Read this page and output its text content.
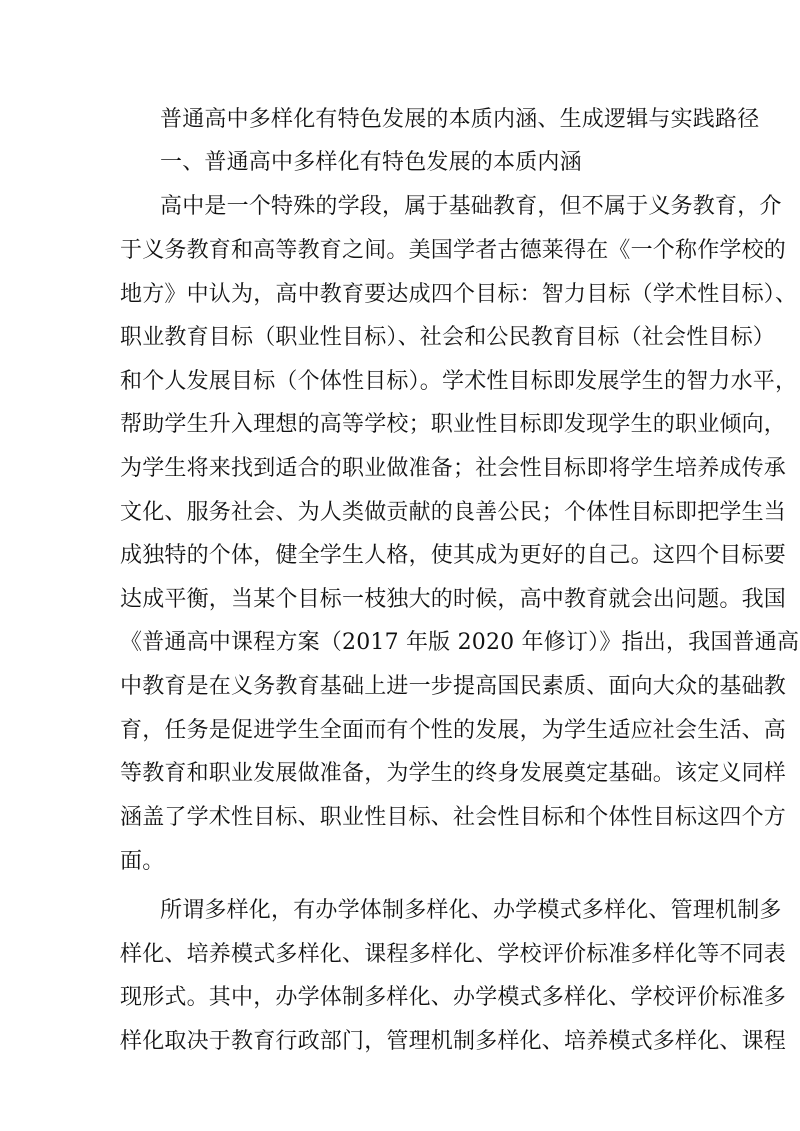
普通高中多样化有特色发展的本质内涵、生成逻辑与实践路径
一、普通高中多样化有特色发展的本质内涵
高中是一个特殊的学段，属于基础教育，但不属于义务教育，介
于义务教育和高等教育之间。美国学者古德莱得在《一个称作学校的
地方》中认为，高中教育要达成四个目标：智力目标（学术性目标）、
职业教育目标（职业性目标）、社会和公民教育目标（社会性目标）
和个人发展目标（个体性目标）。学术性目标即发展学生的智力水平，
帮助学生升入理想的高等学校；职业性目标即发现学生的职业倾向，
为学生将来找到适合的职业做准备；社会性目标即将学生培养成传承
文化、服务社会、为人类做贡献的良善公民；个体性目标即把学生当
成独特的个体，健全学生人格，使其成为更好的自己。这四个目标要
达成平衡，当某个目标一枝独大的时候，高中教育就会出问题。我国
《普通高中课程方案（2017 年版 2020 年修订）》指出，我国普通高
中教育是在义务教育基础上进一步提高国民素质、面向大众的基础教
育，任务是促进学生全面而有个性的发展，为学生适应社会生活、高
等教育和职业发展做准备，为学生的终身发展奠定基础。该定义同样
涵盖了学术性目标、职业性目标、社会性目标和个体性目标这四个方
面。
所谓多样化，有办学体制多样化、办学模式多样化、管理机制多
样化、培养模式多样化、课程多样化、学校评价标准多样化等不同表
现形式。其中，办学体制多样化、办学模式多样化、学校评价标准多
样化取决于教育行政部门，管理机制多样化、培养模式多样化、课程
